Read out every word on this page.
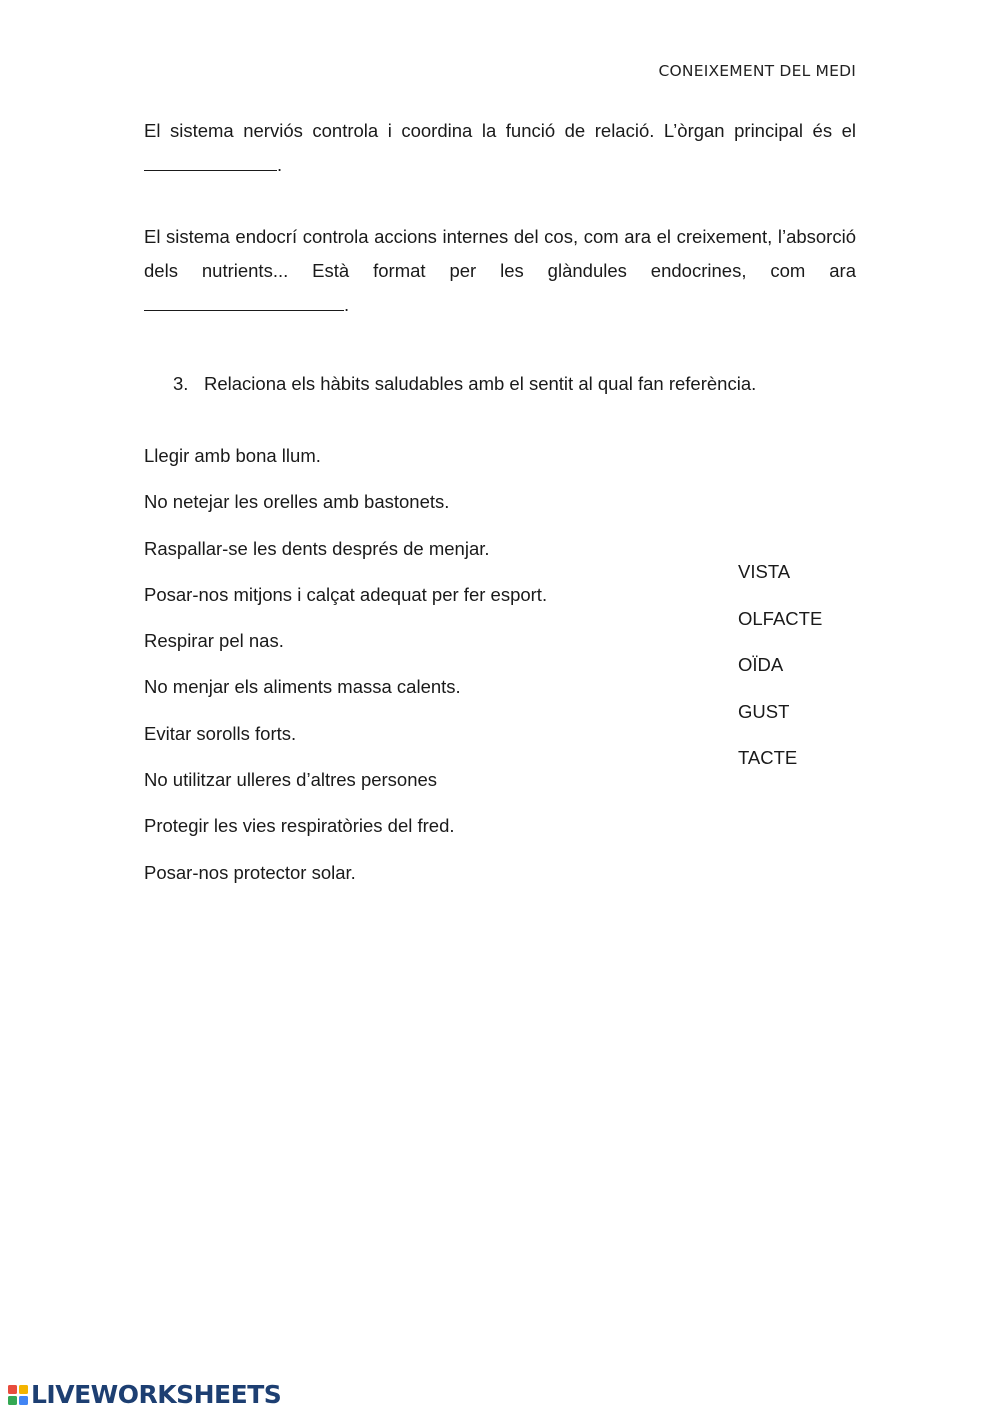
CONEIXEMENT DEL MEDI
El sistema nerviós controla i coordina la funció de relació. L’òrgan principal és el .
El sistema endocrí controla accions internes del cos, com ara el creixement, l’absorció dels nutrients... Està format per les glàndules endocrines, com ara .
3. Relaciona els hàbits saludables amb el sentit al qual fan referència.
Llegir amb bona llum.
No netejar les orelles amb bastonets.
Raspallar-se les dents després de menjar.
Posar-nos mitjons i calçat adequat per fer esport.
Respirar pel nas.
No menjar els aliments massa calents.
Evitar sorolls forts.
No utilitzar ulleres d’altres persones
Protegir les vies respiratòries del fred.
Posar-nos protector solar.
VISTA
OLFACTE
OÏDA
GUST
TACTE
LIVEWORKSHEETS
